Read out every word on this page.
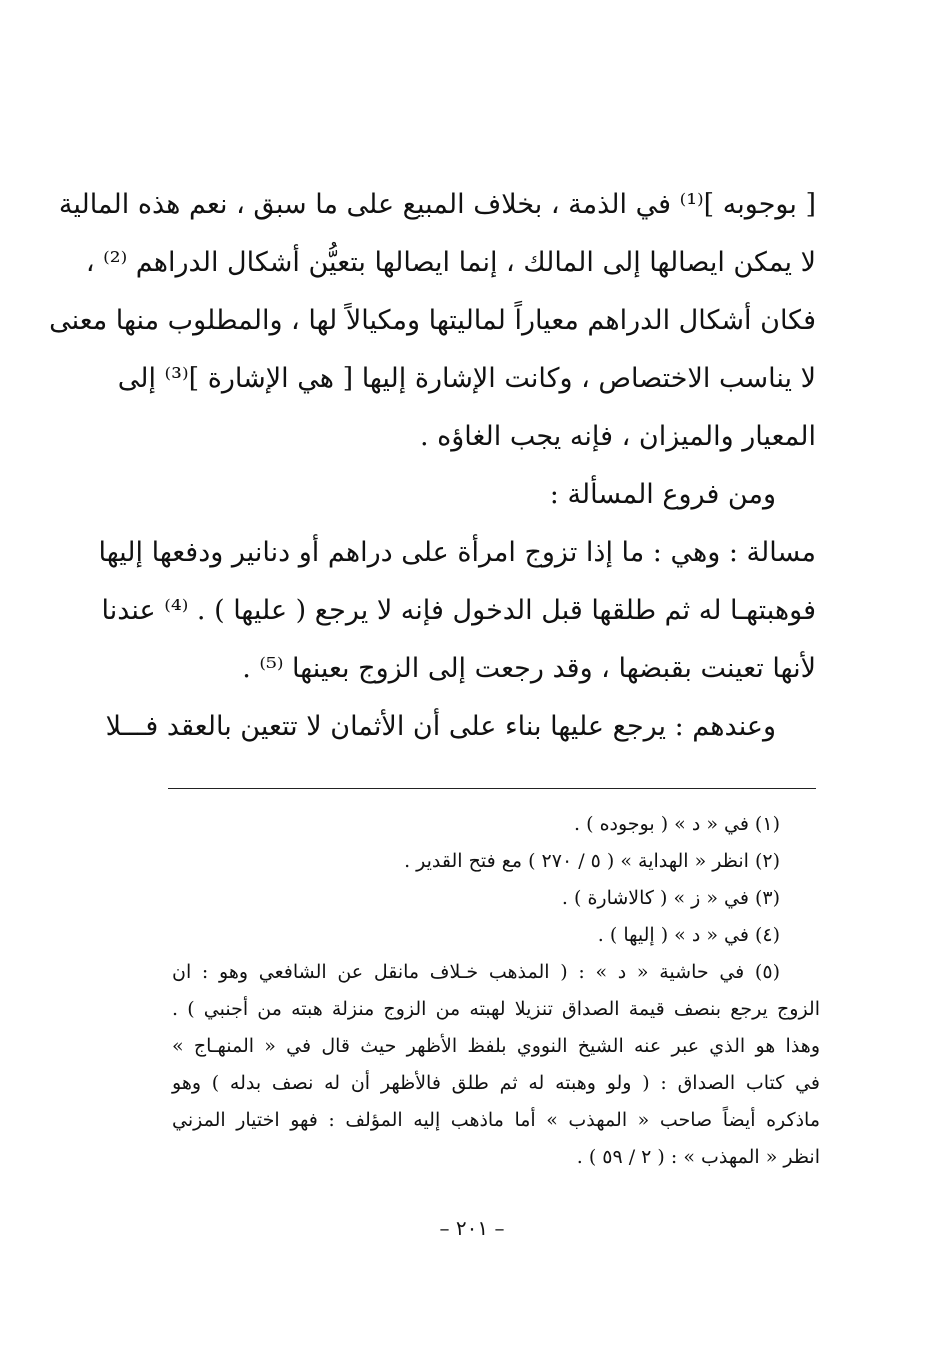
[ بوجوبه ]⁽¹⁾ في الذمة ، بخلاف المبيع على ما سبق ، نعم هذه المالية
لا يمكن ايصالها إلى المالك ، إنما ايصالها بتعيُّن أشكال الدراهم ⁽²⁾ ،
فكان أشكال الدراهم معياراً لماليتها ومكيالاً لها ، والمطلوب منها معنى
لا يناسب الاختصاص ، وكانت الإشارة إليها [ هي الإشارة ]⁽³⁾ إلى
المعيار والميزان ، فإنه يجب الغاؤه .
ومن فروع المسألة :
مسالة : وهي : ما إذا تزوج امرأة على دراهم أو دنانير ودفعها إليها
فوهبتهـا له ثم طلقها قبل الدخول فإنه لا يرجع ( عليها ) . ⁽⁴⁾ عندنا
لأنها تعينت بقبضها ، وقد رجعت إلى الزوج بعينها ⁽⁵⁾ .
وعندهم : يرجع عليها بناء على أن الأثمان لا تتعين بالعقد فـــلا
(١) في « د » ( بوجوده ) .
(٢) انظر « الهداية » ( ٥ / ٢٧٠ ) مع فتح القدير .
(٣) في « ز » ( كالاشارة ) .
(٤) في « د » ( إليها ) .
(٥) في حاشية « د » : ( المذهب خـلاف مانقل عن الشافعي وهو : ان
الزوج يرجع بنصف قيمة الصداق تنزيلا لهبته من الزوج منزلة هبته من أجنبي ) .
وهذا هو الذي عبر عنه الشيخ النووي بلفظ الأظهر حيث قال في « المنهـاج »
في كتاب الصداق : ( ولو وهبته له ثم طلق فالأظهر أن له نصف بدله ) وهو
ماذكره أيضاً صاحب « المهذب » أما ماذهب إليه المؤلف : فهو اختيار المزني
انظر « المهذب » : ( ٢ / ٥٩ ) .
– ٢٠١ –
